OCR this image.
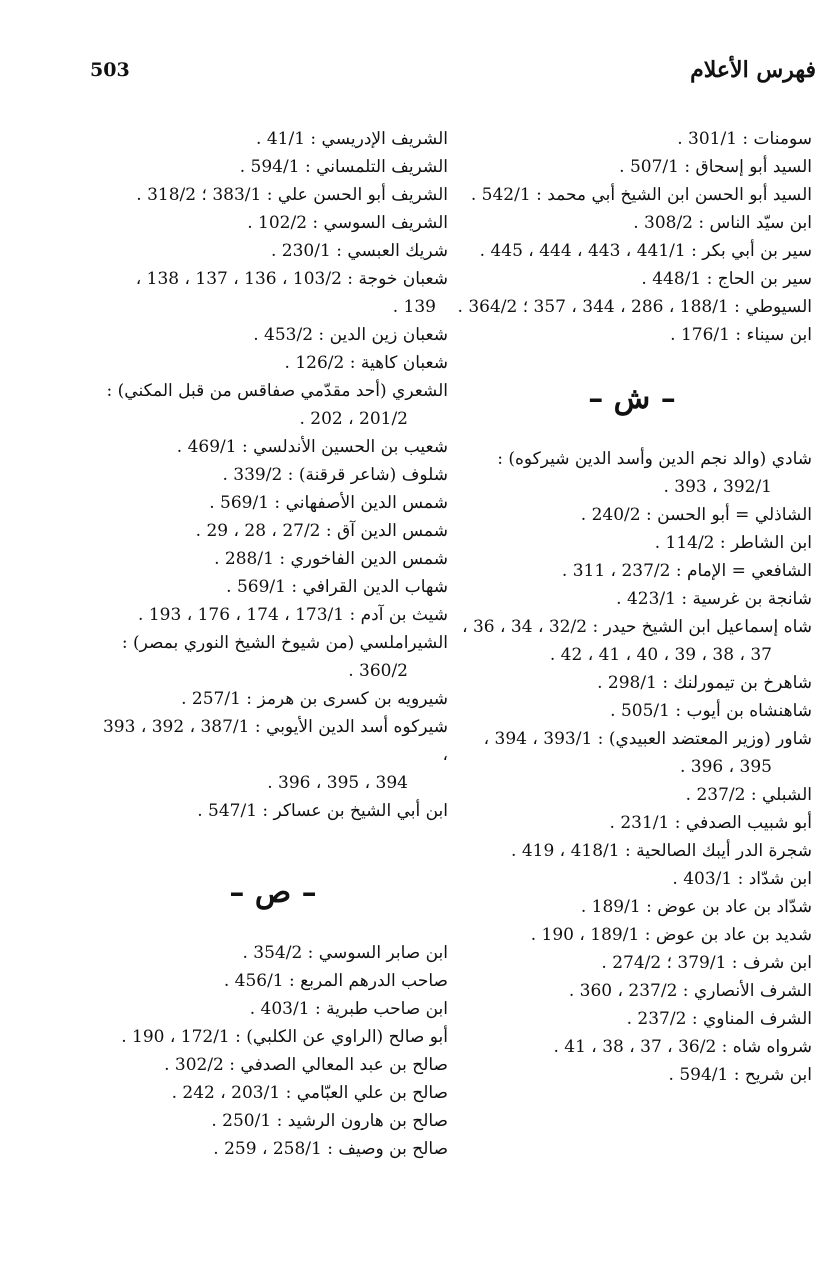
503	فهرس الأعلام
سومنات : 301/1 .
السيد أبو إسحاق : 507/1 .
السيد أبو الحسن ابن الشيخ أبي محمد : 542/1 .
ابن سيّد الناس : 308/2 .
سير بن أبي بكر : 441/1 ، 443 ، 444 ، 445 .
سير بن الحاج : 448/1 .
السيوطي : 188/1 ، 286 ، 344 ، 357 ؛ 364/2 .
ابن سيناء : 176/1 .
– ش –
شادي (والد نجم الدين وأسد الدين شيركوه) :
392/1 ، 393 .
الشاذلي = أبو الحسن : 240/2 .
ابن الشاطر : 114/2 .
الشافعي = الإمام : 237/2 ، 311 .
شانجة بن غرسية : 423/1 .
شاه إسماعيل ابن الشيخ حيدر : 32/2 ، 34 ، 36 ،
37 ، 38 ، 39 ، 40 ، 41 ، 42 .
شاهرخ بن تيمورلنك : 298/1 .
شاهنشاه بن أيوب : 505/1 .
شاور (وزير المعتضد العبيدي) : 393/1 ، 394 ،
395 ، 396 .
الشبلي : 237/2 .
أبو شبيب الصدفي : 231/1 .
شجرة الدر أيبك الصالحية : 418/1 ، 419 .
ابن شدّاد : 403/1 .
شدّاد بن عاد بن عوض : 189/1 .
شديد بن عاد بن عوض : 189/1 ، 190 .
ابن شرف : 379/1 ؛ 274/2 .
الشرف الأنصاري : 237/2 ، 360 .
الشرف المناوي : 237/2 .
شرواه شاه : 36/2 ، 37 ، 38 ، 41 .
ابن شريح : 594/1 .
الشريف الإدريسي : 41/1 .
الشريف التلمساني : 594/1 .
الشريف أبو الحسن علي : 383/1 ؛ 318/2 .
الشريف السوسي : 102/2 .
شريك العبسي : 230/1 .
شعبان خوجة : 103/2 ، 136 ، 137 ، 138 ، 139 .
شعبان زين الدين : 453/2 .
شعبان كاهية : 126/2 .
الشعري (أحد مقدّمي صفاقس من قبل المكني) :
201/2 ، 202 .
شعيب بن الحسين الأندلسي : 469/1 .
شلوف (شاعر قرقنة) : 339/2 .
شمس الدين الأصفهاني : 569/1 .
شمس الدين آق : 27/2 ، 28 ، 29 .
شمس الدين الفاخوري : 288/1 .
شهاب الدين القرافي : 569/1 .
شيث بن آدم : 173/1 ، 174 ، 176 ، 193 .
الشيراملسي (من شيوخ الشيخ النوري بمصر) :
360/2 .
شيرويه بن كسرى بن هرمز : 257/1 .
شيركوه أسد الدين الأيوبي : 387/1 ، 392 ، 393 ،
394 ، 395 ، 396 .
ابن أبي الشيخ بن عساكر : 547/1 .
– ص –
ابن صابر السوسي : 354/2 .
صاحب الدرهم المربع : 456/1 .
ابن صاحب طبرية : 403/1 .
أبو صالح (الراوي عن الكلبي) : 172/1 ، 190 .
صالح بن عبد المعالي الصدفي : 302/2 .
صالح بن علي العبّامي : 203/1 ، 242 .
صالح بن هارون الرشيد : 250/1 .
صالح بن وصيف : 258/1 ، 259 .
